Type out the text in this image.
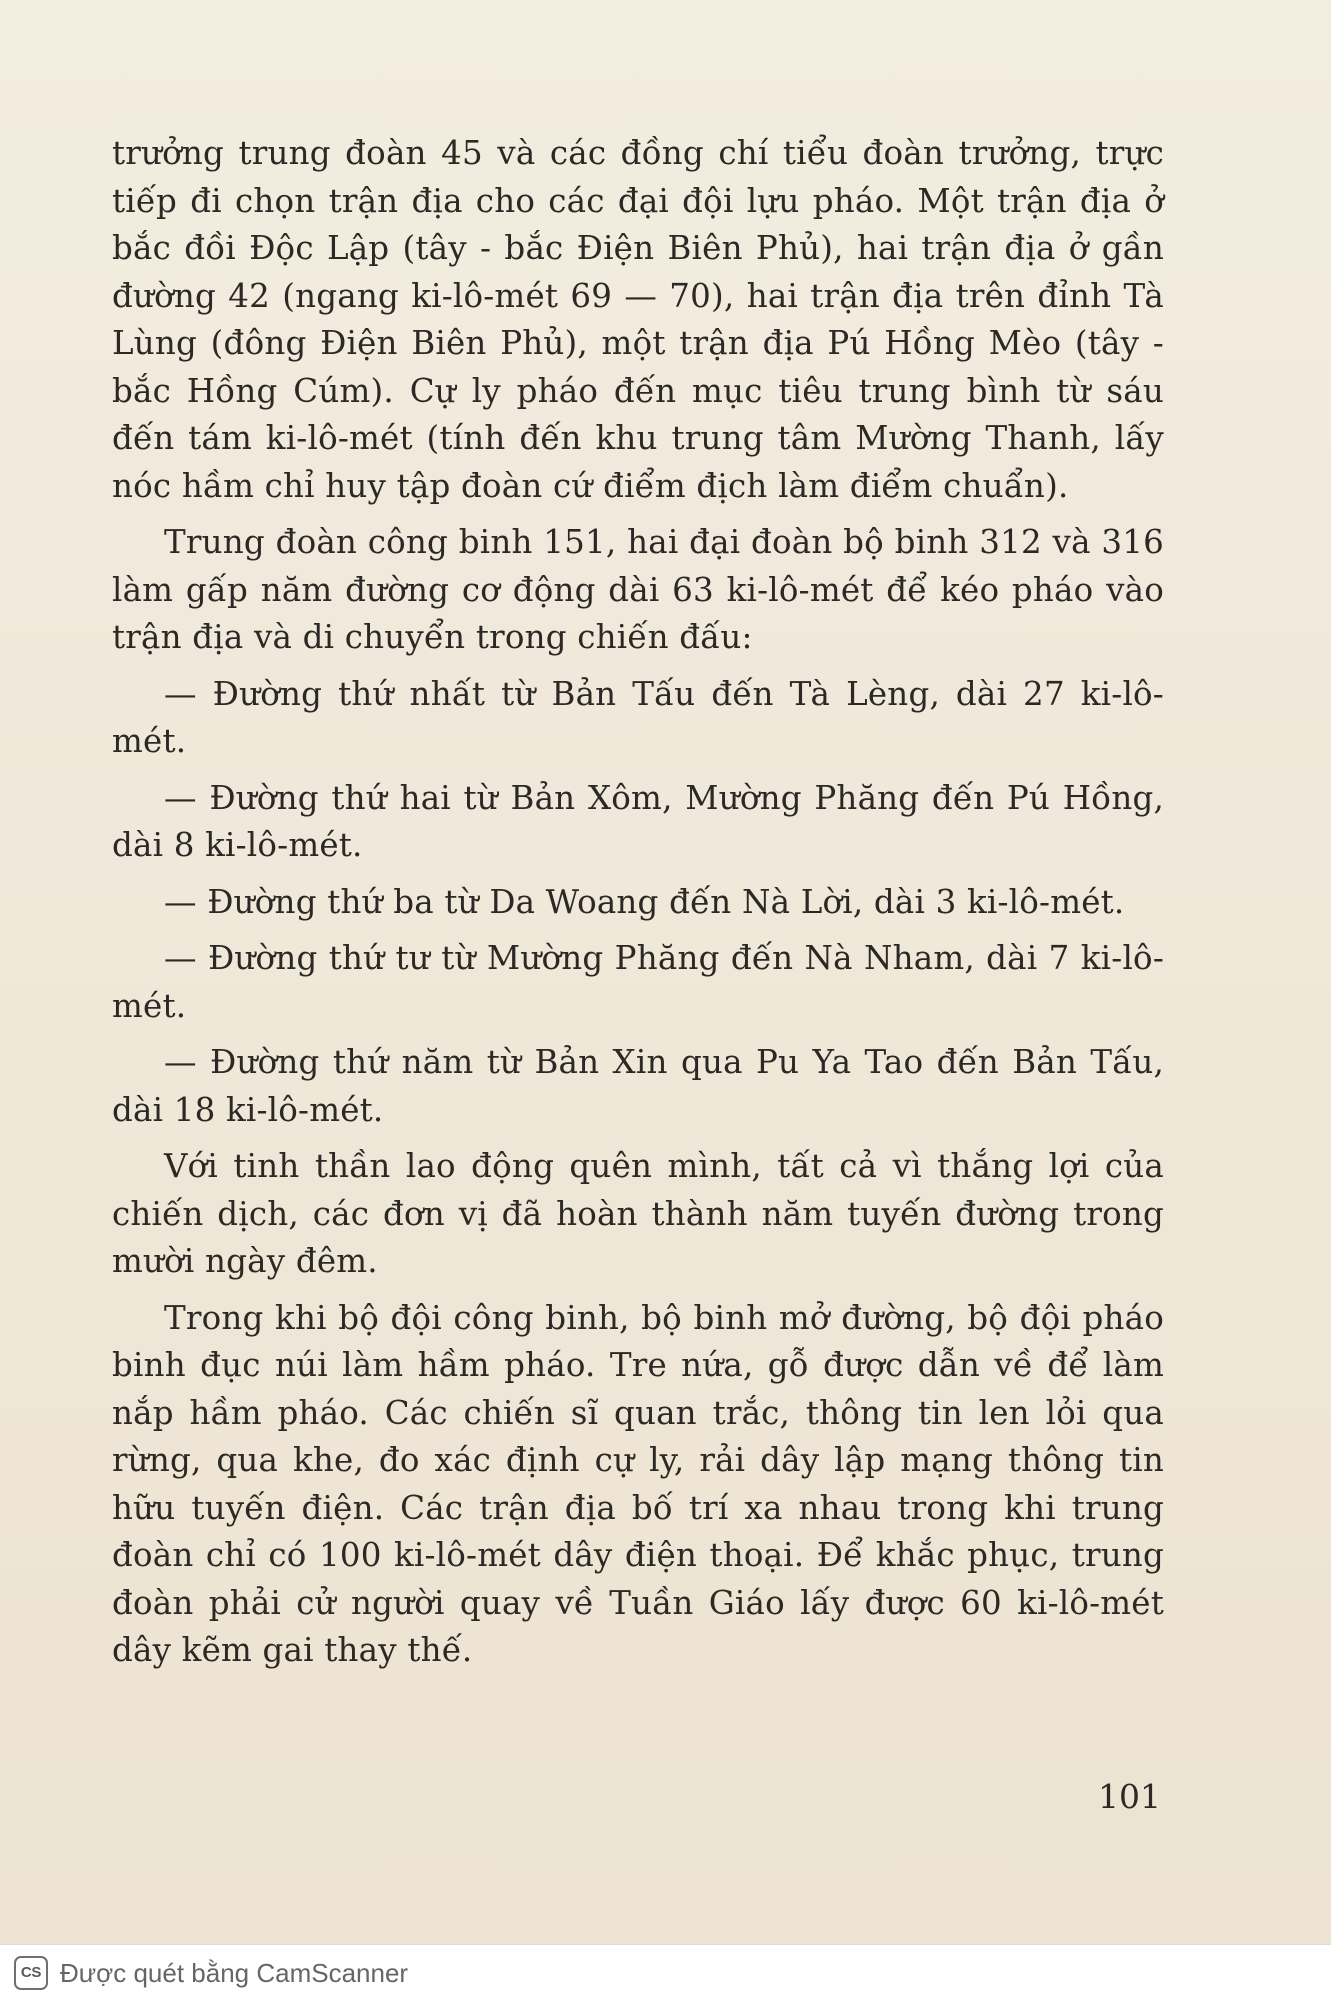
trưởng trung đoàn 45 và các đồng chí tiểu đoàn trưởng, trực tiếp đi chọn trận địa cho các đại đội lựu pháo. Một trận địa ở bắc đồi Độc Lập (tây - bắc Điện Biên Phủ), hai trận địa ở gần đường 42 (ngang ki-lô-mét 69 — 70), hai trận địa trên đỉnh Tà Lùng (đông Điện Biên Phủ), một trận địa Pú Hồng Mèo (tây - bắc Hồng Cúm). Cự ly pháo đến mục tiêu trung bình từ sáu đến tám ki-lô-mét (tính đến khu trung tâm Mường Thanh, lấy nóc hầm chỉ huy tập đoàn cứ điểm địch làm điểm chuẩn).

Trung đoàn công binh 151, hai đại đoàn bộ binh 312 và 316 làm gấp năm đường cơ động dài 63 ki-lô-mét để kéo pháo vào trận địa và di chuyển trong chiến đấu:

— Đường thứ nhất từ Bản Tấu đến Tà Lèng, dài 27 ki-lô-mét.

— Đường thứ hai từ Bản Xôm, Mường Phăng đến Pú Hồng, dài 8 ki-lô-mét.

— Đường thứ ba từ Da Woang đến Nà Lời, dài 3 ki-lô-mét.

— Đường thứ tư từ Mường Phăng đến Nà Nham, dài 7 ki-lô-mét.

— Đường thứ năm từ Bản Xin qua Pu Ya Tao đến Bản Tấu, dài 18 ki-lô-mét.

Với tinh thần lao động quên mình, tất cả vì thắng lợi của chiến dịch, các đơn vị đã hoàn thành năm tuyến đường trong mười ngày đêm.

Trong khi bộ đội công binh, bộ binh mở đường, bộ đội pháo binh đục núi làm hầm pháo. Tre nứa, gỗ được dẫn về để làm nắp hầm pháo. Các chiến sĩ quan trắc, thông tin len lỏi qua rừng, qua khe, đo xác định cự ly, rải dây lập mạng thông tin hữu tuyến điện. Các trận địa bố trí xa nhau trong khi trung đoàn chỉ có 100 ki-lô-mét dây điện thoại. Để khắc phục, trung đoàn phải cử người quay về Tuần Giáo lấy được 60 ki-lô-mét dây kẽm gai thay thế.

101
CS Được quét bằng CamScanner
